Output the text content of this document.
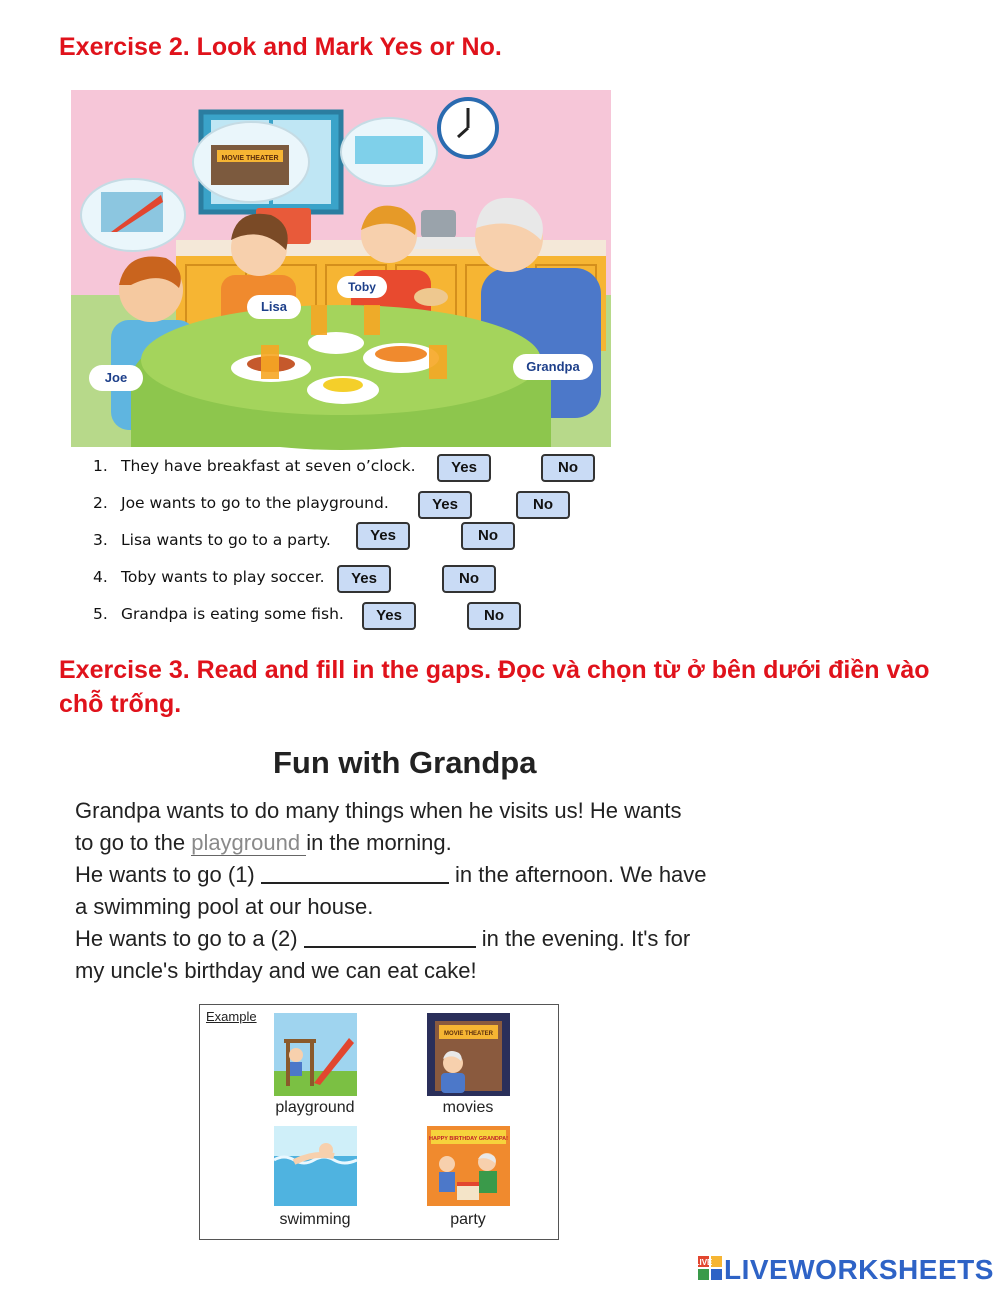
Exercise 2. Look and Mark Yes or No.
MOVIE THEATER
Joe
Lisa
Toby
Grandpa
1. They have breakfast at seven o’clock.	Yes	No
2. Joe wants to go to the playground.	Yes	No
3. Lisa wants to go to a party.	Yes	No
4. Toby wants to play soccer.	Yes	No
5. Grandpa is eating some fish.	Yes	No
Exercise 3. Read and fill in the gaps. Đọc và chọn từ ở bên dưới điền vào
chỗ trống.
Fun with Grandpa
Grandpa wants to do many things when he visits us! He wants
to go to the playground in the morning.
He wants to go (1)	in the afternoon. We have
a swimming pool at our house.
He wants to go to a (2)	in the evening. It's for
my uncle's birthday and we can eat cake!
Example
playground
MOVIE THEATER
movies
swimming
HAPPY BIRTHDAY GRANDPA!
party
LIVE LIVEWORKSHEETS
